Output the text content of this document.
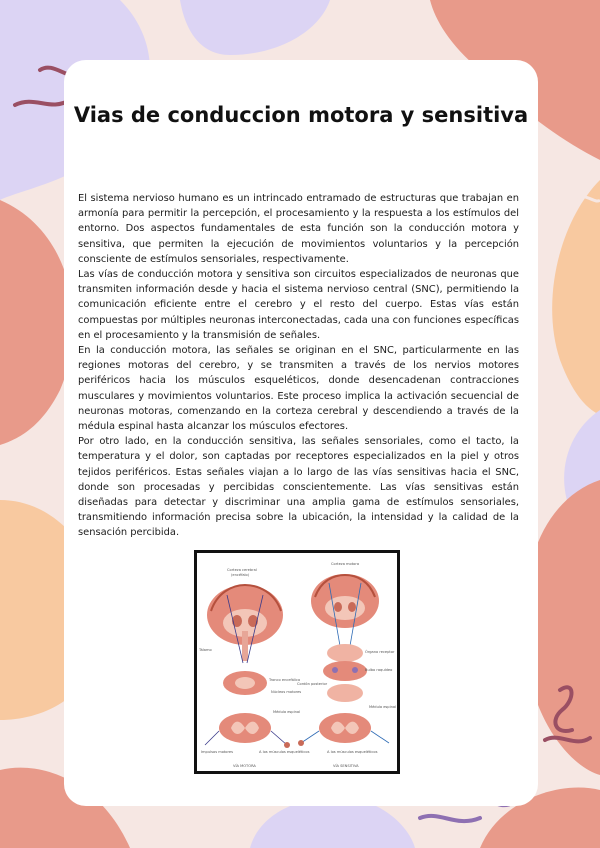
Vias de conduccion motora y sensitiva

El sistema nervioso humano es un intrincado entramado de estructuras que trabajan en armonía para permitir la percepción, el procesamiento y la respuesta a los estímulos del entorno. Dos aspectos fundamentales de esta función son la conducción motora y sensitiva, que permiten la ejecución de movimientos voluntarios y la percepción consciente de estímulos sensoriales, respectivamente.

Las vías de conducción motora y sensitiva son circuitos especializados de neuronas que transmiten información desde y hacia el sistema nervioso central (SNC), permitiendo la comunicación eficiente entre el cerebro y el resto del cuerpo. Estas vías están compuestas por múltiples neuronas interconectadas, cada una con funciones específicas en el procesamiento y la transmisión de señales.

En la conducción motora, las señales se originan en el SNC, particularmente en las regiones motoras del cerebro, y se transmiten a través de los nervios motores periféricos hacia los músculos esqueléticos, donde desencadenan contracciones musculares y movimientos voluntarios. Este proceso implica la activación secuencial de neuronas motoras, comenzando en la corteza cerebral y descendiendo a través de la médula espinal hasta alcanzar los músculos efectores.

Por otro lado, en la conducción sensitiva, las señales sensoriales, como el tacto, la temperatura y el dolor, son captadas por receptores especializados en la piel y otros tejidos periféricos. Estas señales viajan a lo largo de las vías sensitivas hacia el SNC, donde son procesadas y percibidas conscientemente. Las vías sensitivas están diseñadas para detectar y discriminar una amplia gama de estímulos sensoriales, transmitiendo información precisa sobre la ubicación, la intensidad y la calidad de la sensación percibida.

Corteza cerebral
(encéfalo)
Corteza motora
Tálamo
Tronco encefálico
Médula espinal
Impulsos motores	A los músculos esqueléticos
Órgano receptor
Cordón posterior
A los músculos esqueléticos
Médula espinal
VÍA MOTORA	VÍA SENSITIVA
Núcleos motores
Bulbo raquídeo
